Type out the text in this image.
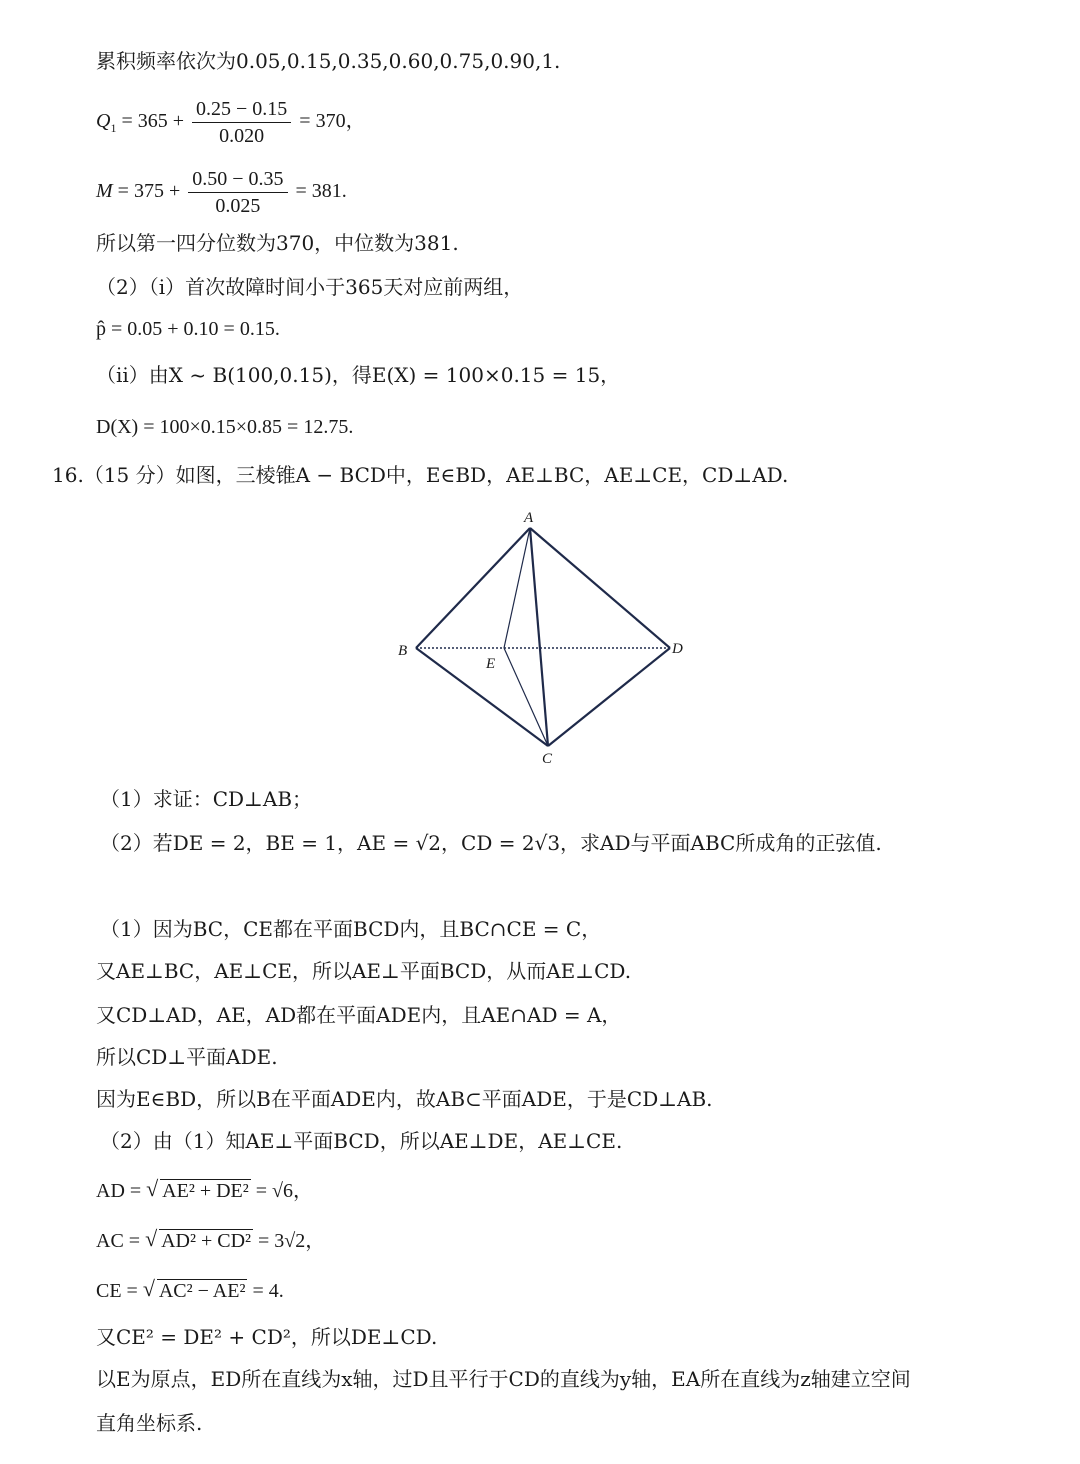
累积频率依次为0.05,0.15,0.35,0.60,0.75,0.90,1.
$Q_1 = 365 + \frac{0.25 - 0.15}{0.020} = 370$，
$M = 375 + \frac{0.50 - 0.35}{0.025} = 381$.
所以第一四分位数为370，中位数为381.
（2）（ⅰ）首次故障时间小于365天对应前两组，
p̂ = 0.05 + 0.10 = 0.15.
（ⅱ）由X ~ B(100,0.15)，得E(X) = 100×0.15 = 15，
D(X) = 100×0.15×0.85 = 12.75.
16.（15 分）如图，三棱锥A − BCD中，E∈BD，AE⊥BC，AE⊥CE，CD⊥AD.
A
B	D
E
C
（1）求证：CD⊥AB；
（2）若DE = 2，BE = 1，AE = √2，CD = 2√3，求AD与平面ABC所成角的正弦值.
（1）因为BC，CE都在平面BCD内，且BC∩CE = C，
又AE⊥BC，AE⊥CE，所以AE⊥平面BCD，从而AE⊥CD.
又CD⊥AD，AE，AD都在平面ADE内，且AE∩AD = A，
所以CD⊥平面ADE.
因为E∈BD，所以B在平面ADE内，故AB⊂平面ADE，于是CD⊥AB.
（2）由（1）知AE⊥平面BCD，所以AE⊥DE，AE⊥CE.
AD = √ AE² + DE² = √6，
AC = √ AD² + CD² = 3√2，
CE = √ AC² − AE² = 4.
又CE² = DE² + CD²，所以DE⊥CD.
以E为原点，ED所在直线为x轴，过D且平行于CD的直线为y轴，EA所在直线为z轴建立空间
直角坐标系.
